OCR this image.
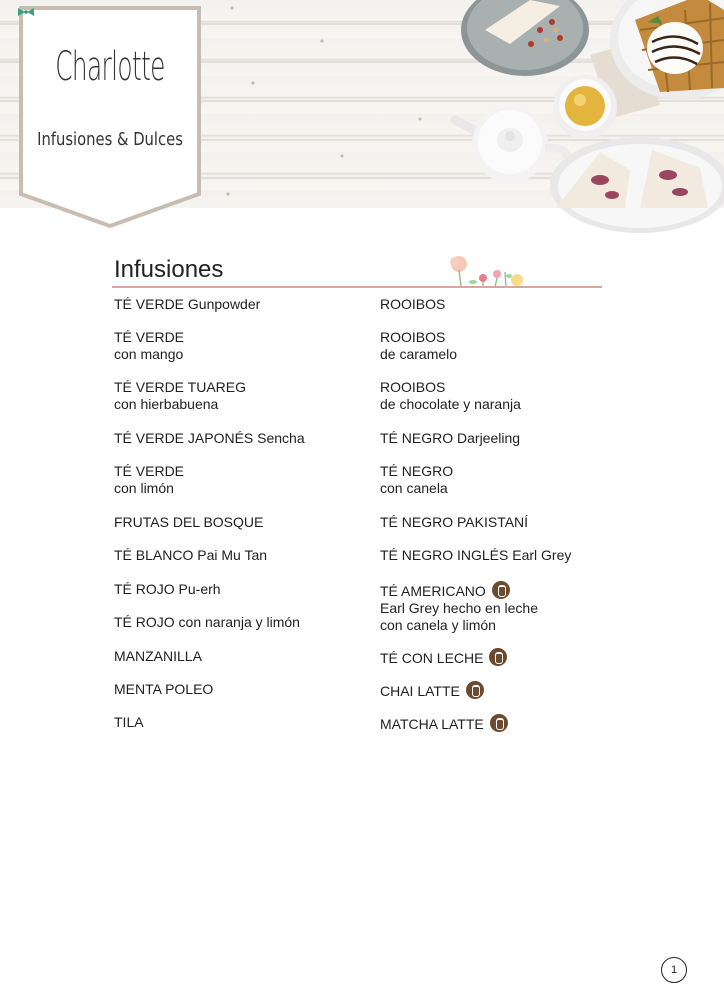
Charlotte
Infusiones & Dulces
Infusiones
TÉ VERDE Gunpowder
TÉ VERDE
con mango
TÉ VERDE TUAREG
con hierbabuena
TÉ VERDE JAPONÉS Sencha
TÉ VERDE
con limón
FRUTAS DEL BOSQUE
TÉ BLANCO Pai Mu Tan
TÉ ROJO Pu-erh
TÉ ROJO con naranja y limón
MANZANILLA
MENTA POLEO
TILA
ROOIBOS
ROOIBOS
de caramelo
ROOIBOS
de chocolate y naranja
TÉ NEGRO Darjeeling
TÉ NEGRO
con canela
TÉ NEGRO PAKISTANÍ
TÉ NEGRO INGLÉS Earl Grey
TÉ AMERICANO
Earl Grey hecho en leche
con canela y limón
TÉ CON LECHE
CHAI LATTE
MATCHA LATTE
1
